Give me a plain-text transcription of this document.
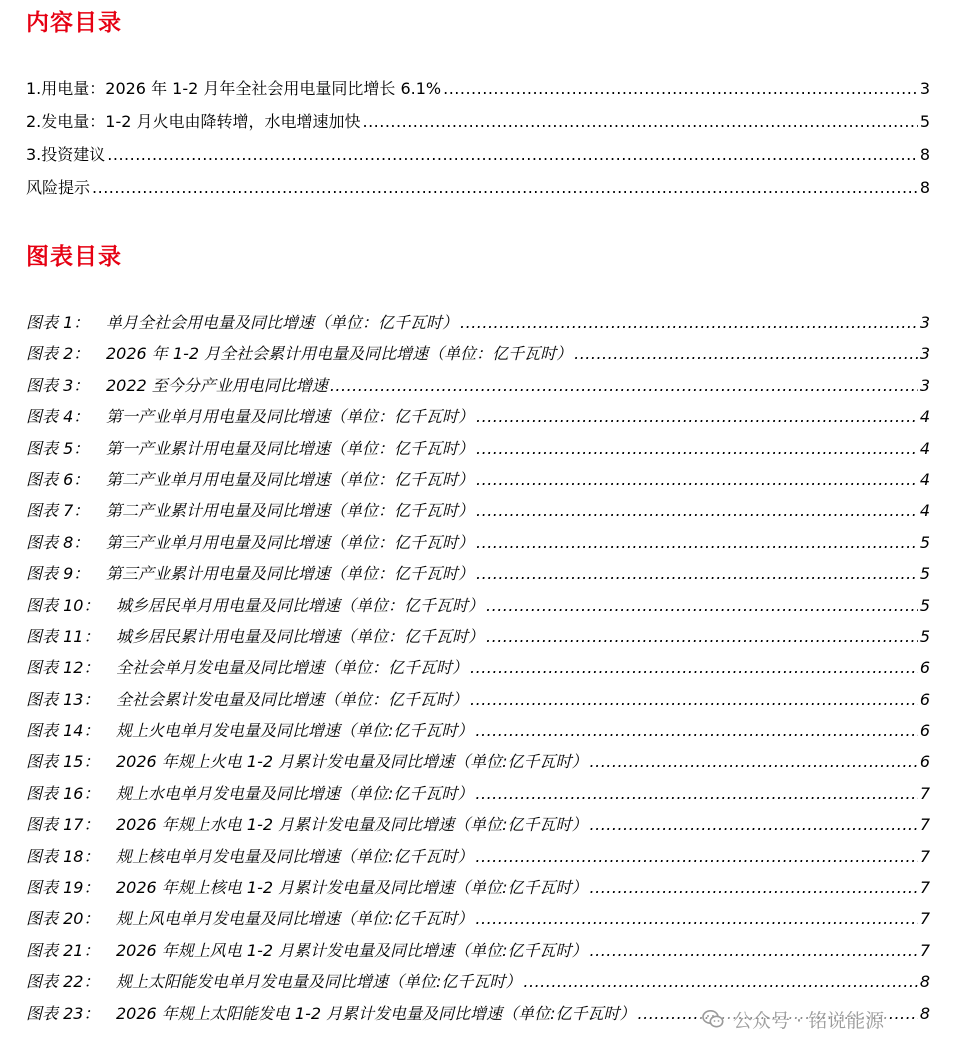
内容目录
1.用电量：2026 年 1-2 月年全社会用电量同比增长 6.1% .....	3
2.发电量：1-2 月火电由降转增，水电增速加快 .....	5
3.投资建议 .....	8
风险提示 .....	8
图表目录
图表 1：	单月全社会用电量及同比增速（单位：亿千瓦时） .....	3
图表 2：	2026 年 1-2 月全社会累计用电量及同比增速（单位：亿千瓦时） .....	3
图表 3：	2022 至今分产业用电同比增速 .....	3
图表 4：	第一产业单月用电量及同比增速（单位：亿千瓦时） .....	4
图表 5：	第一产业累计用电量及同比增速（单位：亿千瓦时） .....	4
图表 6：	第二产业单月用电量及同比增速（单位：亿千瓦时） .....	4
图表 7：	第二产业累计用电量及同比增速（单位：亿千瓦时） .....	4
图表 8：	第三产业单月用电量及同比增速（单位：亿千瓦时） .....	5
图表 9：	第三产业累计用电量及同比增速（单位：亿千瓦时） .....	5
图表 10：	城乡居民单月用电量及同比增速（单位：亿千瓦时） .....	5
图表 11：	城乡居民累计用电量及同比增速（单位：亿千瓦时） .....	5
图表 12：	全社会单月发电量及同比增速（单位：亿千瓦时） .....	6
图表 13：	全社会累计发电量及同比增速（单位：亿千瓦时） .....	6
图表 14：	规上火电单月发电量及同比增速（单位:亿千瓦时） .....	6
图表 15：	2026 年规上火电 1-2 月累计发电量及同比增速（单位:亿千瓦时） .....	6
图表 16：	规上水电单月发电量及同比增速（单位:亿千瓦时） .....	7
图表 17：	2026 年规上水电 1-2 月累计发电量及同比增速（单位:亿千瓦时） .....	7
图表 18：	规上核电单月发电量及同比增速（单位:亿千瓦时） .....	7
图表 19：	2026 年规上核电 1-2 月累计发电量及同比增速（单位:亿千瓦时） .....	7
图表 20：	规上风电单月发电量及同比增速（单位:亿千瓦时） .....	7
图表 21：	2026 年规上风电 1-2 月累计发电量及同比增速（单位:亿千瓦时） .....	7
图表 22：	规上太阳能发电单月发电量及同比增速（单位:亿千瓦时） .....	8
图表 23：	2026 年规上太阳能发电 1-2 月累计发电量及同比增速（单位:亿千瓦时） .....	8
公众号 · 铭说能源
